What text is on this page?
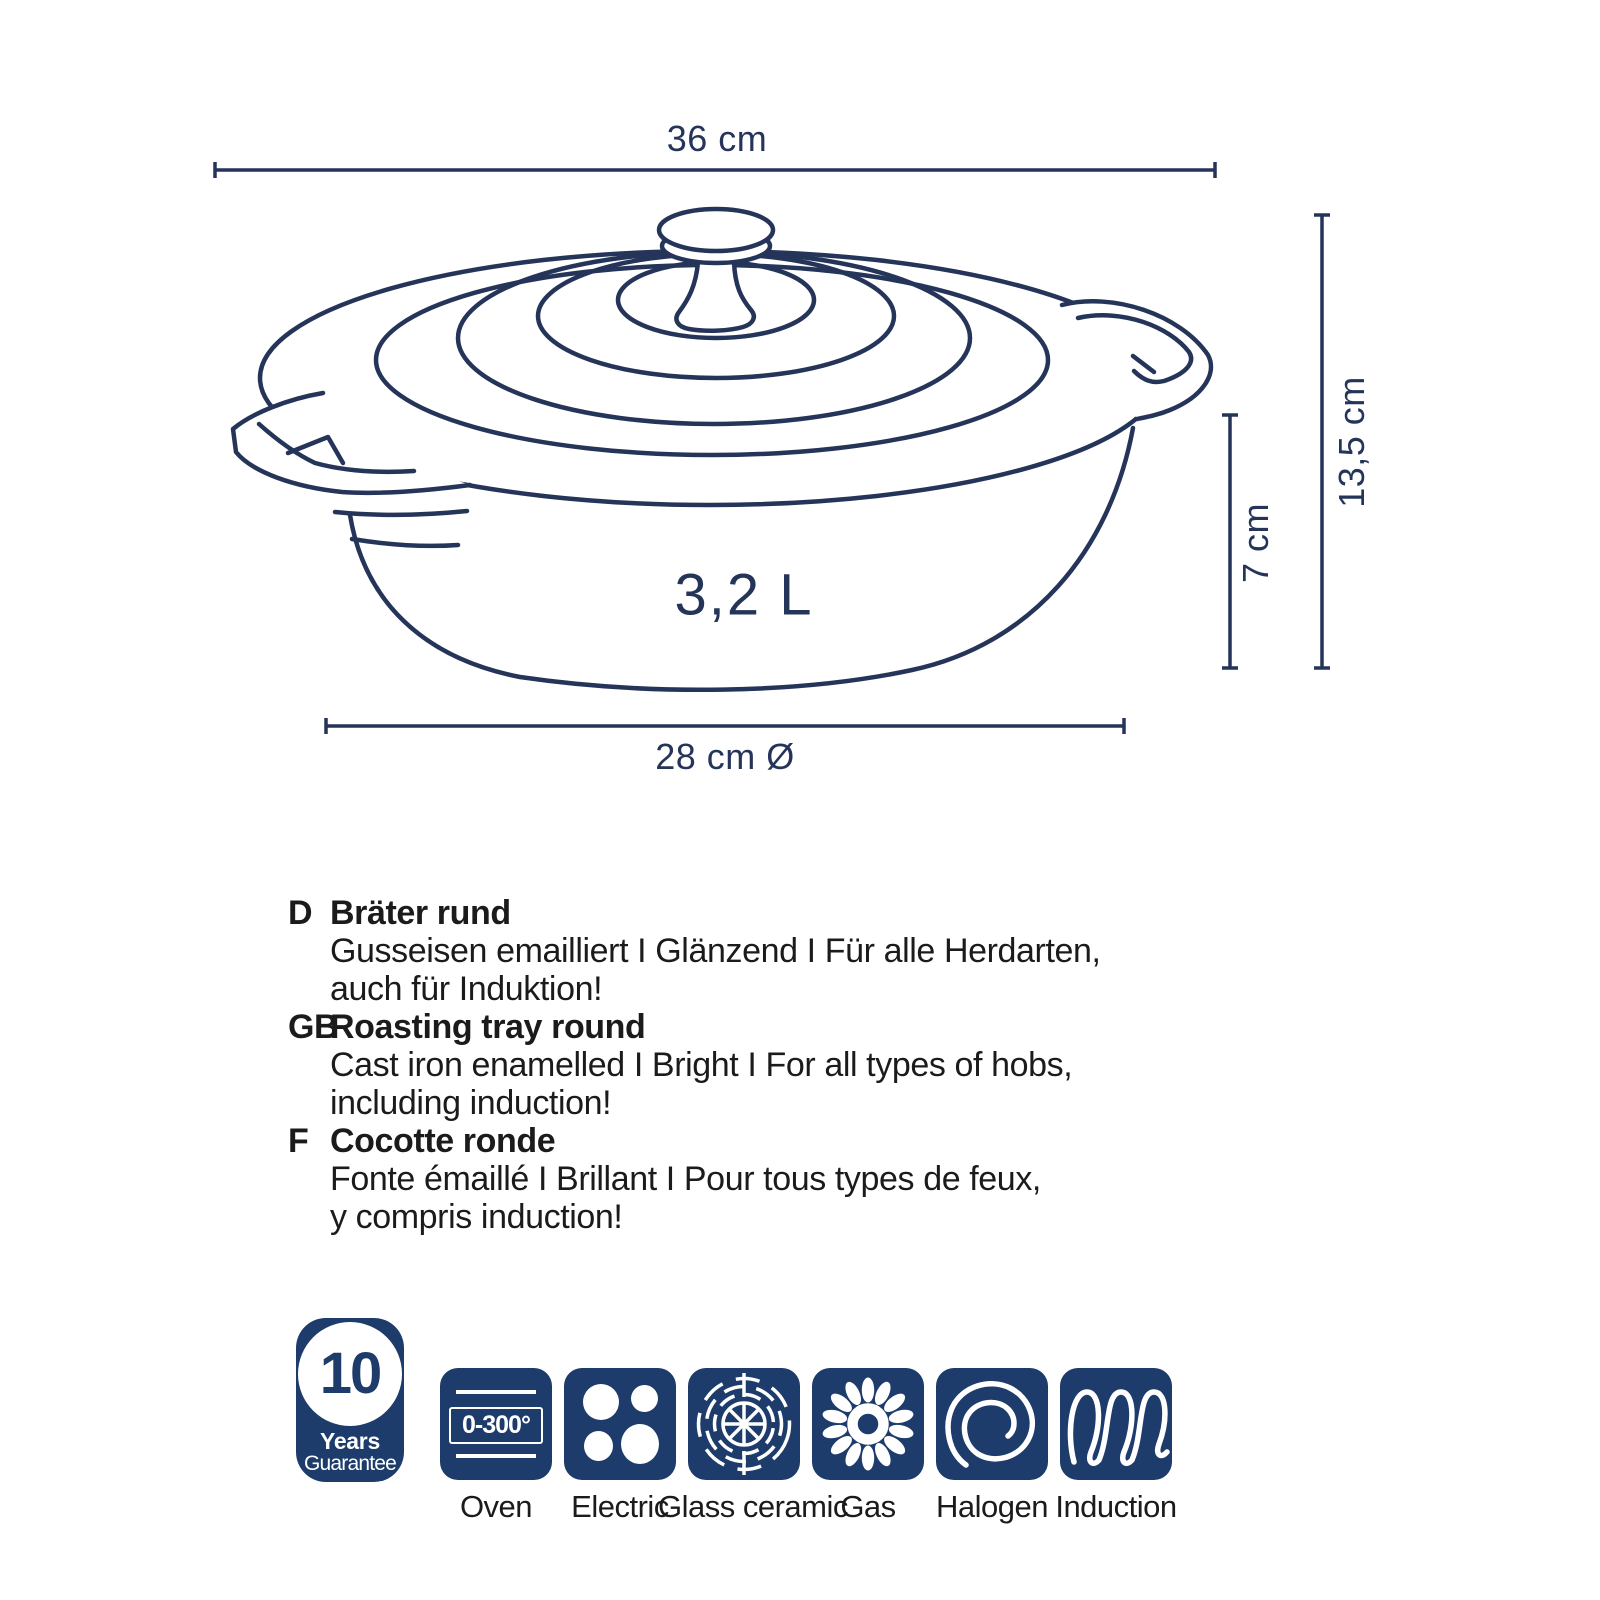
36 cm
28 cm Ø
7 cm
13,5 cm
3,2 L
D Bräter rund
Gusseisen emailliert I Glänzend I Für alle Herdarten,
auch für Induktion!
GBRoasting tray round
Cast iron enamelled I Bright I For all types of hobs,
including induction!
F Cocotte ronde
Fonte émaillé I Brillant I Pour tous types de feux,
y compris induction!
10
Years
Guarantee
0-300°
Oven	Electric
Glass ceramic
Gas	Halogen Induction
